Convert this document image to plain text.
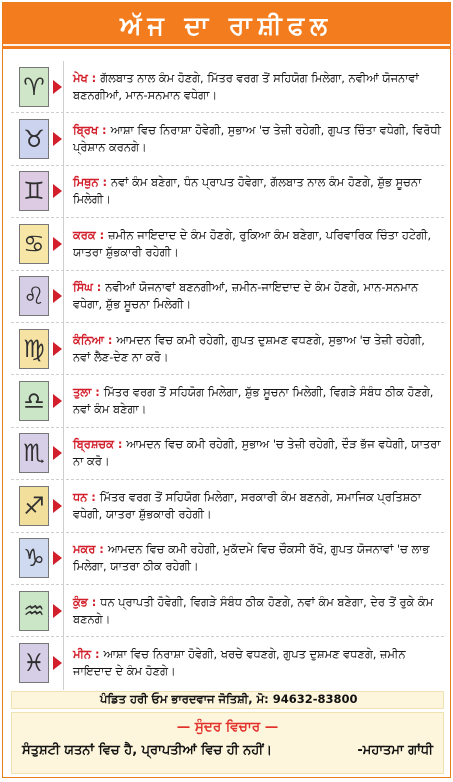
ਅੱਜ ਦਾ ਰਾਸ਼ੀਫਲ
♈ ਮੇਖ : ਗੱਲਬਾਤ ਨਾਲ ਕੰਮ ਹੋਣਗੇ, ਮਿੱਤਰ ਵਰਗ ਤੋਂ ਸਹਿਯੋਗ ਮਿਲੇਗਾ, ਨਵੀਆਂ ਯੋਜਨਾਵਾਂ ਬਣਨਗੀਆਂ, ਮਾਨ-ਸਨਮਾਨ ਵਧੇਗਾ।

♉ ਬ੍ਰਿਖ : ਆਸ਼ਾ ਵਿਚ ਨਿਰਾਸ਼ਾ ਹੋਵੇਗੀ, ਸੁਭਾਅ 'ਚ ਤੇਜ਼ੀ ਰਹੇਗੀ, ਗੁਪਤ ਚਿੰਤਾ ਵਧੇਗੀ, ਵਿਰੋਧੀ ਪ੍ਰੇਸ਼ਾਨ ਕਰਨਗੇ।

♊ ਮਿਥੁਨ : ਨਵਾਂ ਕੰਮ ਬਣੇਗਾ, ਧੰਨ ਪ੍ਰਾਪਤ ਹੋਵੇਗਾ, ਗੱਲਬਾਤ ਨਾਲ ਕੰਮ ਹੋਣਗੇ, ਸ਼ੁੱਭ ਸੂਚਨਾ ਮਿਲੇਗੀ।

♋ ਕਰਕ : ਜ਼ਮੀਨ ਜਾਇਦਾਦ ਦੇ ਕੰਮ ਹੋਣਗੇ, ਰੁਕਿਆ ਕੰਮ ਬਣੇਗਾ, ਪਰਿਵਾਰਿਕ ਚਿੰਤਾ ਹਟੇਗੀ, ਯਾਤਰਾ ਸ਼ੁੱਭਕਾਰੀ ਰਹੇਗੀ।

♌ ਸਿੰਘ : ਨਵੀਆਂ ਯੋਜਨਾਵਾਂ ਬਣਨਗੀਆਂ, ਜ਼ਮੀਨ-ਜਾਇਦਾਦ ਦੇ ਕੰਮ ਹੋਣਗੇ, ਮਾਨ-ਸਨਮਾਨ ਵਧੇਗਾ, ਸ਼ੁੱਭ ਸੂਚਨਾ ਮਿਲੇਗੀ।

♍ ਕੰਨਿਆ : ਆਮਦਨ ਵਿਚ ਕਮੀ ਰਹੇਗੀ, ਗੁਪਤ ਦੁਸ਼ਮਣ ਵਧਣਗੇ, ਸੁਭਾਅ 'ਚ ਤੇਜ਼ੀ ਰਹੇਗੀ, ਨਵਾਂ ਲੈਣ-ਦੇਣ ਨਾ ਕਰੋ।

♎ ਤੁਲਾ : ਮਿੱਤਰ ਵਰਗ ਤੋਂ ਸਹਿਯੋਗ ਮਿਲੇਗਾ, ਸ਼ੁੱਭ ਸੂਚਨਾ ਮਿਲੇਗੀ, ਵਿਗੜੇ ਸੰਬੰਧ ਠੀਕ ਹੋਣਗੇ, ਨਵਾਂ ਕੰਮ ਬਣੇਗਾ।

♏ ਬ੍ਰਿਸ਼ਚਕ : ਆਮਦਨ ਵਿਚ ਕਮੀ ਰਹੇਗੀ, ਸੁਭਾਅ 'ਚ ਤੇਜ਼ੀ ਰਹੇਗੀ, ਦੌੜ ਭੱਜ ਵਧੇਗੀ, ਯਾਤਰਾ ਨਾ ਕਰੋ।

♐ ਧਨ : ਮਿੱਤਰ ਵਰਗ ਤੋਂ ਸਹਿਯੋਗ ਮਿਲੇਗਾ, ਸਰਕਾਰੀ ਕੰਮ ਬਣਨਗੇ, ਸਮਾਜਿਕ ਪ੍ਰਤਿਸ਼ਠਾ ਵਧੇਗੀ, ਯਾਤਰਾ ਸ਼ੁੱਭਕਾਰੀ ਰਹੇਗੀ।

♑ ਮਕਰ : ਆਮਦਨ ਵਿਚ ਕਮੀ ਰਹੇਗੀ, ਮੁਕੱਦਮੇ ਵਿਚ ਚੌਕਸੀ ਰੱਖੋ, ਗੁਪਤ ਯੋਜਨਾਵਾਂ 'ਚ ਲਾਭ ਮਿਲੇਗਾ, ਯਾਤਰਾ ਠੀਕ ਰਹੇਗੀ।

♒ ਕੁੰਭ : ਧਨ ਪ੍ਰਾਪਤੀ ਹੋਵੇਗੀ, ਵਿਗੜੇ ਸੰਬੰਧ ਠੀਕ ਹੋਣਗੇ, ਨਵਾਂ ਕੰਮ ਬਣੇਗਾ, ਦੇਰ ਤੋਂ ਰੁਕੇ ਕੰਮ ਬਣਨਗੇ।

♓ ਮੀਨ : ਆਸ਼ਾ ਵਿਚ ਨਿਰਾਸ਼ਾ ਹੋਵੇਗੀ, ਖਰਚੇ ਵਧਣਗੇ, ਗੁਪਤ ਦੁਸ਼ਮਣ ਵਧਣਗੇ, ਜ਼ਮੀਨ ਜਾਇਦਾਦ ਦੇ ਕੰਮ ਹੋਣਗੇ।

ਪੰਡਿਤ ਹਰੀ ਓਮ ਭਾਰਦਵਾਜ ਜੋਤਿਸ਼ੀ, ਮੋ: 94632-83800
— ਸੁੰਦਰ ਵਿਚਾਰ —
ਸੰਤੁਸ਼ਟੀ ਯਤਨਾਂ ਵਿਚ ਹੈ, ਪ੍ਰਾਪਤੀਆਂ ਵਿਚ ਹੀ ਨਹੀਂ।	-ਮਹਾਤਮਾ ਗਾਂਧੀ
